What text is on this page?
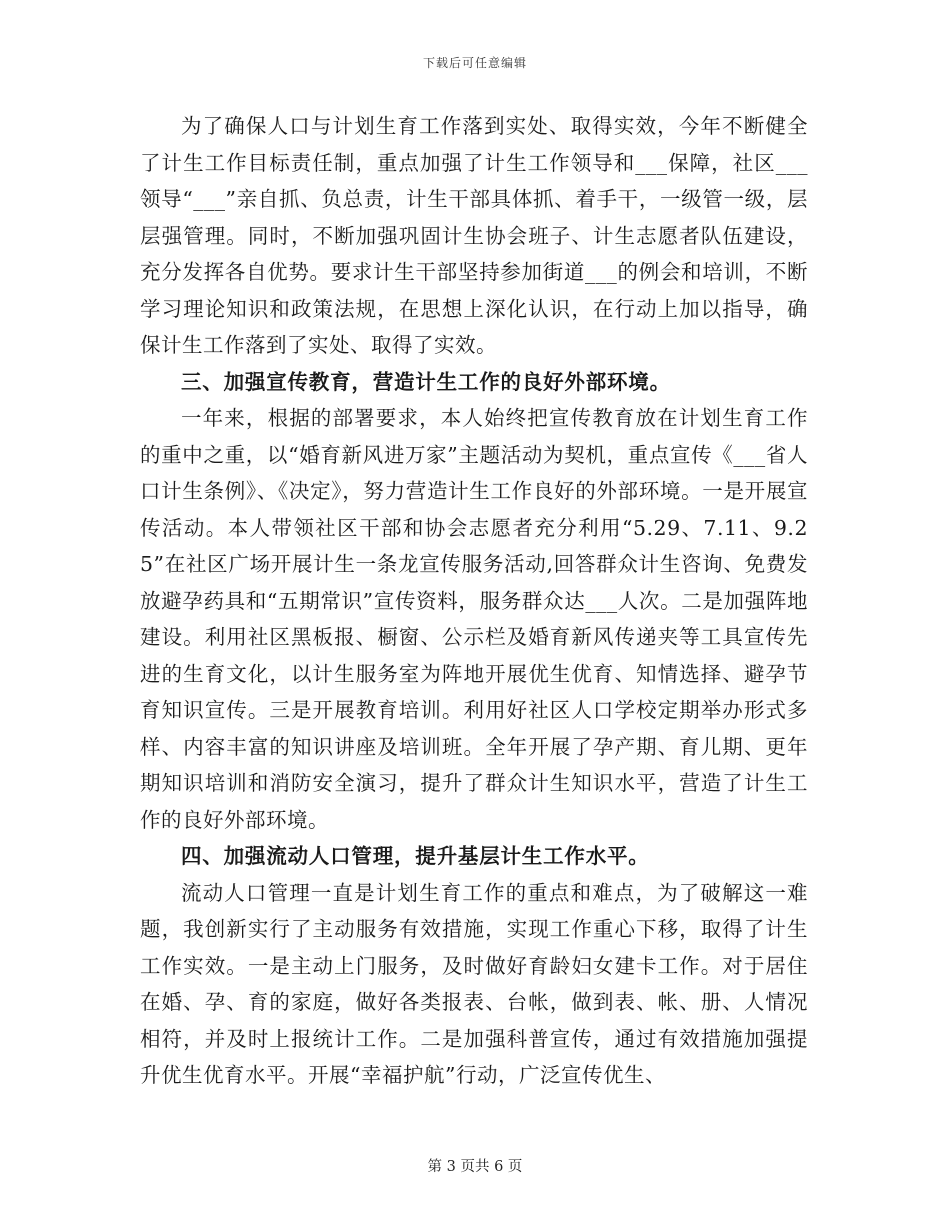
下载后可任意编辑

为了确保人口与计划生育工作落到实处、取得实效，今年不断健全了计生工作目标责任制，重点加强了计生工作领导和___保障，社区___领导“___”亲自抓、负总责，计生干部具体抓、着手干，一级管一级，层层强管理。同时，不断加强巩固计生协会班子、计生志愿者队伍建设，充分发挥各自优势。要求计生干部坚持参加街道___的例会和培训，不断学习理论知识和政策法规，在思想上深化认识，在行动上加以指导，确保计生工作落到了实处、取得了实效。

三、加强宣传教育，营造计生工作的良好外部环境。

一年来，根据的部署要求，本人始终把宣传教育放在计划生育工作的重中之重，以“婚育新风进万家”主题活动为契机，重点宣传《___省人口计生条例》、《决定》，努力营造计生工作良好的外部环境。一是开展宣传活动。本人带领社区干部和协会志愿者充分利用“5.29、7.11、9.25”在社区广场开展计生一条龙宣传服务活动,回答群众计生咨询、免费发放避孕药具和“五期常识”宣传资料，服务群众达___人次。二是加强阵地建设。利用社区黑板报、橱窗、公示栏及婚育新风传递夹等工具宣传先进的生育文化，以计生服务室为阵地开展优生优育、知情选择、避孕节育知识宣传。三是开展教育培训。利用好社区人口学校定期举办形式多样、内容丰富的知识讲座及培训班。全年开展了孕产期、育儿期、更年期知识培训和消防安全演习，提升了群众计生知识水平，营造了计生工作的良好外部环境。

四、加强流动人口管理，提升基层计生工作水平。

流动人口管理一直是计划生育工作的重点和难点，为了破解这一难题，我创新实行了主动服务有效措施，实现工作重心下移，取得了计生工作实效。一是主动上门服务，及时做好育龄妇女建卡工作。对于居住在婚、孕、育的家庭，做好各类报表、台帐，做到表、帐、册、人情况相符，并及时上报统计工作。二是加强科普宣传，通过有效措施加强提升优生优育水平。开展“幸福护航”行动，广泛宣传优生、

第 3 页共 6 页
